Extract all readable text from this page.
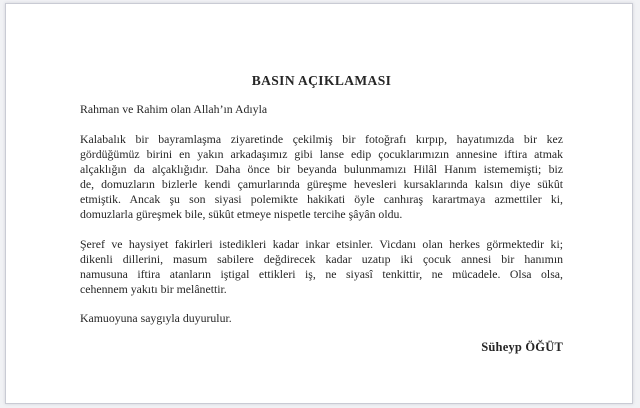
BASIN AÇIKLAMASI
Rahman ve Rahim olan Allah’ın Adıyla
Kalabalık bir bayramlaşma ziyaretinde çekilmiş bir fotoğrafı kırpıp, hayatımızda bir kez
gördüğümüz birini en yakın arkadaşımız gibi lanse edip çocuklarımızın annesine iftira atmak
alçaklığın da alçaklığıdır. Daha önce bir beyanda bulunmamızı Hilâl Hanım istememişti; biz
de, domuzların bizlerle kendi çamurlarında güreşme hevesleri kursaklarında kalsın diye sükût
etmiştik. Ancak şu son siyasi polemikte hakikati öyle canhıraş karartmaya azmettiler ki,
domuzlarla güreşmek bile, sükût etmeye nispetle tercihe şâyân oldu.
Şeref ve haysiyet fakirleri istedikleri kadar inkar etsinler. Vicdanı olan herkes görmektedir ki;
dikenli dillerini, masum sabilere değdirecek kadar uzatıp iki çocuk annesi bir hanımın
namusuna iftira atanların iştigal ettikleri iş, ne siyasî tenkittir, ne mücadele. Olsa olsa,
cehennem yakıtı bir melânettir.
Kamuoyuna saygıyla duyurulur.
Süheyp ÖĞÜT
